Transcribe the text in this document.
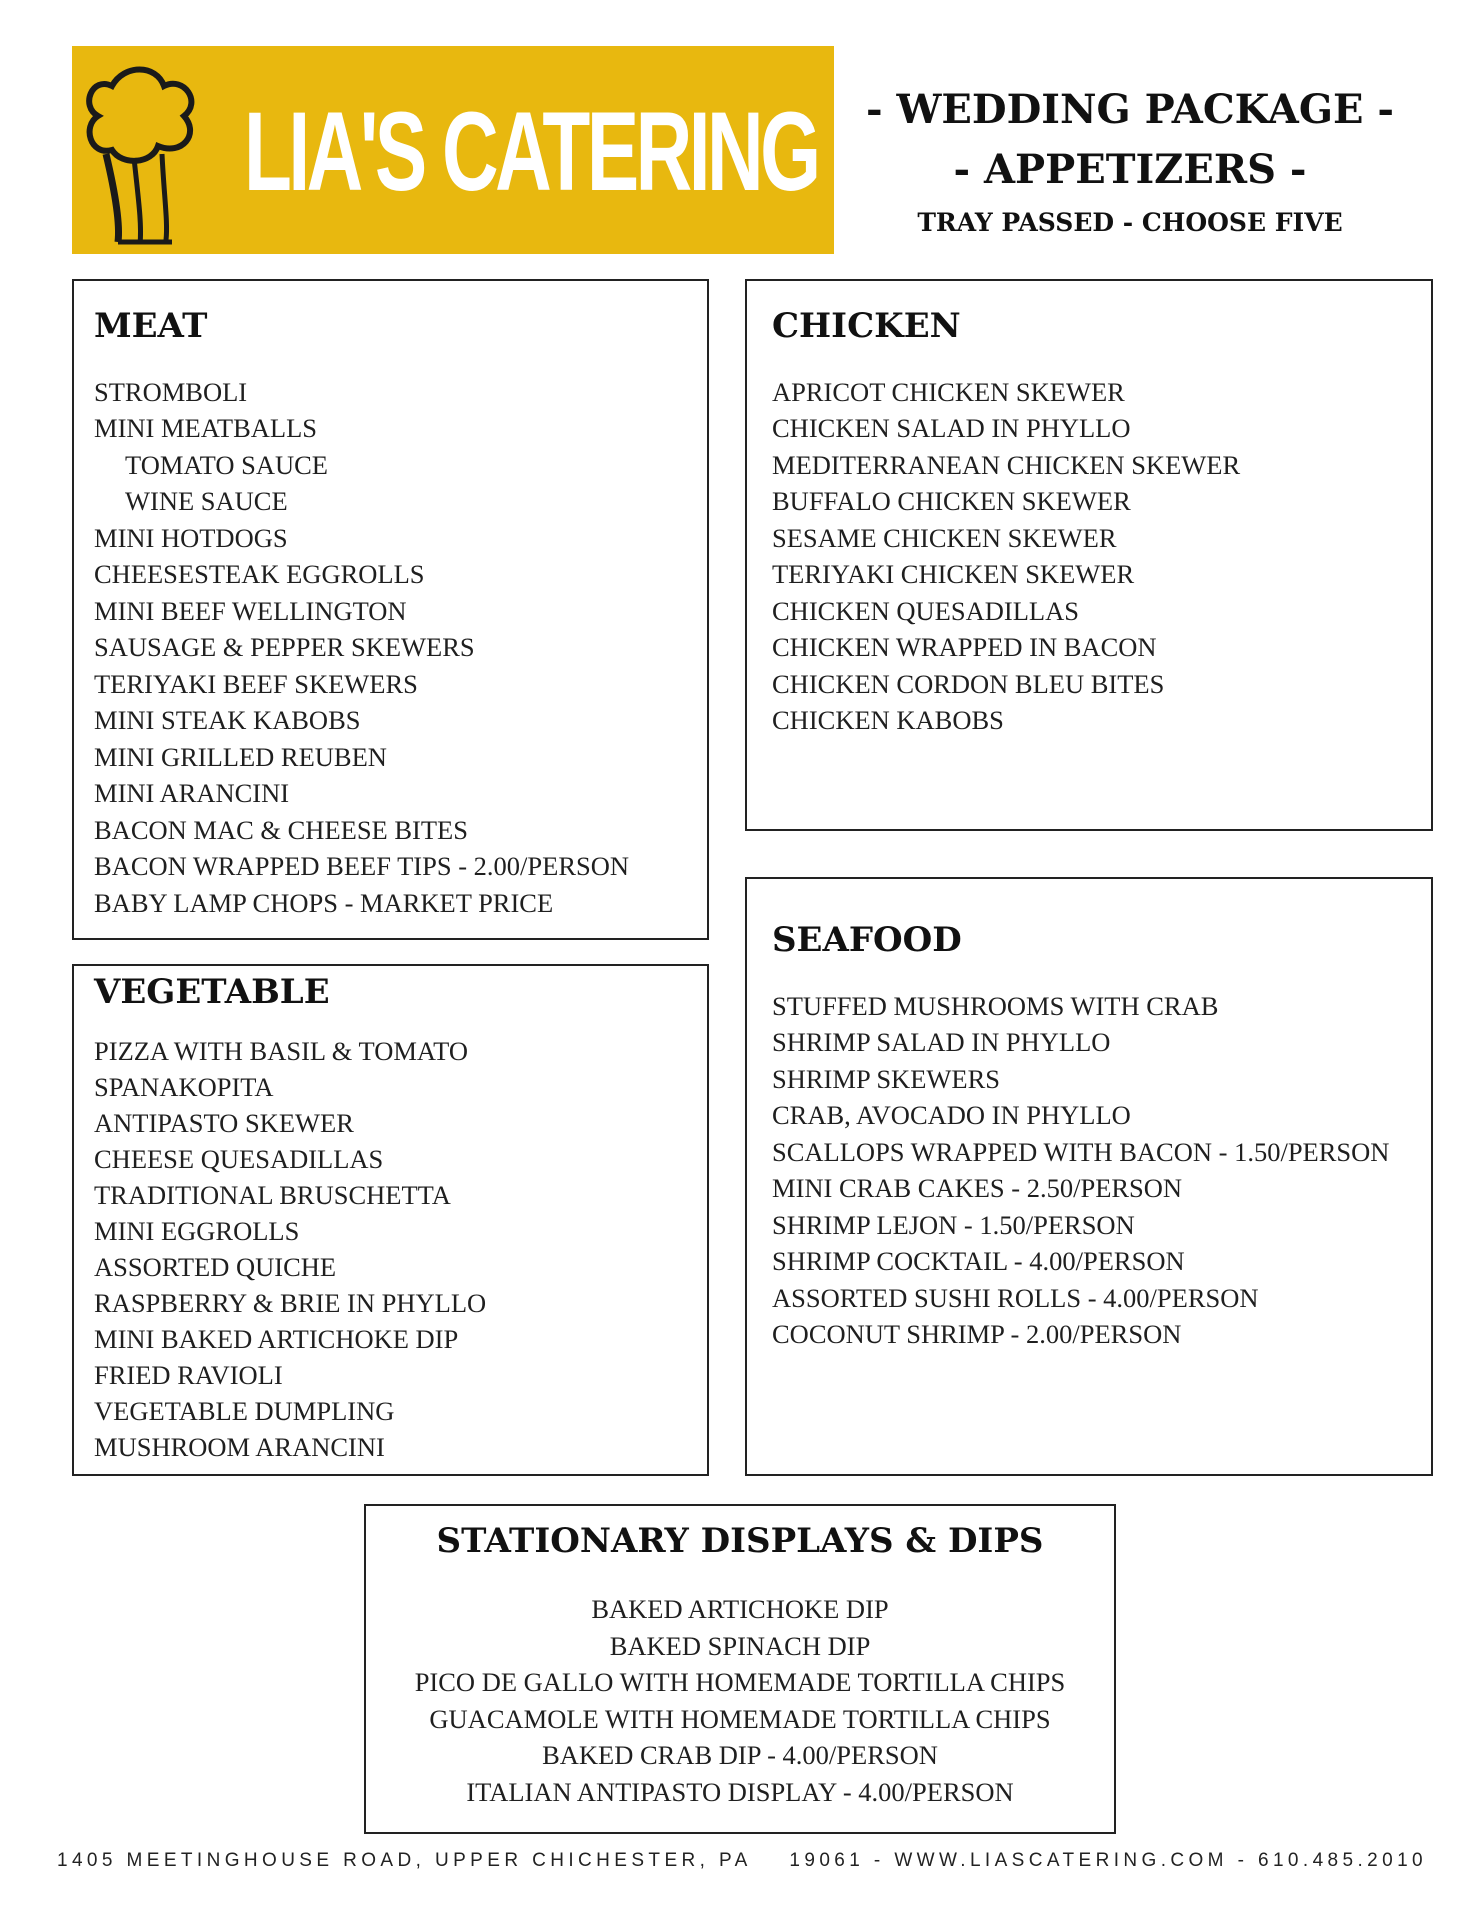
LIA'S CATERING - WEDDING PACKAGE -
- APPETIZERS -
TRAY PASSED - CHOOSE FIVE
MEAT
STROMBOLI
MINI MEATBALLS
TOMATO SAUCE
WINE SAUCE
MINI HOTDOGS
CHEESESTEAK EGGROLLS
MINI BEEF WELLINGTON
SAUSAGE & PEPPER SKEWERS
TERIYAKI BEEF SKEWERS
MINI STEAK KABOBS
MINI GRILLED REUBEN
MINI ARANCINI
BACON MAC & CHEESE BITES
BACON WRAPPED BEEF TIPS - 2.00/PERSON
BABY LAMP CHOPS - MARKET PRICE
CHICKEN
APRICOT CHICKEN SKEWER
CHICKEN SALAD IN PHYLLO
MEDITERRANEAN CHICKEN SKEWER
BUFFALO CHICKEN SKEWER
SESAME CHICKEN SKEWER
TERIYAKI CHICKEN SKEWER
CHICKEN QUESADILLAS
CHICKEN WRAPPED IN BACON
CHICKEN CORDON BLEU BITES
CHICKEN KABOBS
VEGETABLE
PIZZA WITH BASIL & TOMATO
SPANAKOPITA
ANTIPASTO SKEWER
CHEESE QUESADILLAS
TRADITIONAL BRUSCHETTA
MINI EGGROLLS
ASSORTED QUICHE
RASPBERRY & BRIE IN PHYLLO
MINI BAKED ARTICHOKE DIP
FRIED RAVIOLI
VEGETABLE DUMPLING
MUSHROOM ARANCINI
SEAFOOD
STUFFED MUSHROOMS WITH CRAB
SHRIMP SALAD IN PHYLLO
SHRIMP SKEWERS
CRAB, AVOCADO IN PHYLLO
SCALLOPS WRAPPED WITH BACON - 1.50/PERSON
MINI CRAB CAKES - 2.50/PERSON
SHRIMP LEJON - 1.50/PERSON
SHRIMP COCKTAIL - 4.00/PERSON
ASSORTED SUSHI ROLLS - 4.00/PERSON
COCONUT SHRIMP - 2.00/PERSON
STATIONARY DISPLAYS & DIPS
BAKED ARTICHOKE DIP
BAKED SPINACH DIP
PICO DE GALLO WITH HOMEMADE TORTILLA CHIPS
GUACAMOLE WITH HOMEMADE TORTILLA CHIPS
BAKED CRAB DIP - 4.00/PERSON
ITALIAN ANTIPASTO DISPLAY - 4.00/PERSON
1405 MEETINGHOUSE ROAD, UPPER CHICHESTER, PA    19061 - WWW.LIASCATERING.COM - 610.485.2010
